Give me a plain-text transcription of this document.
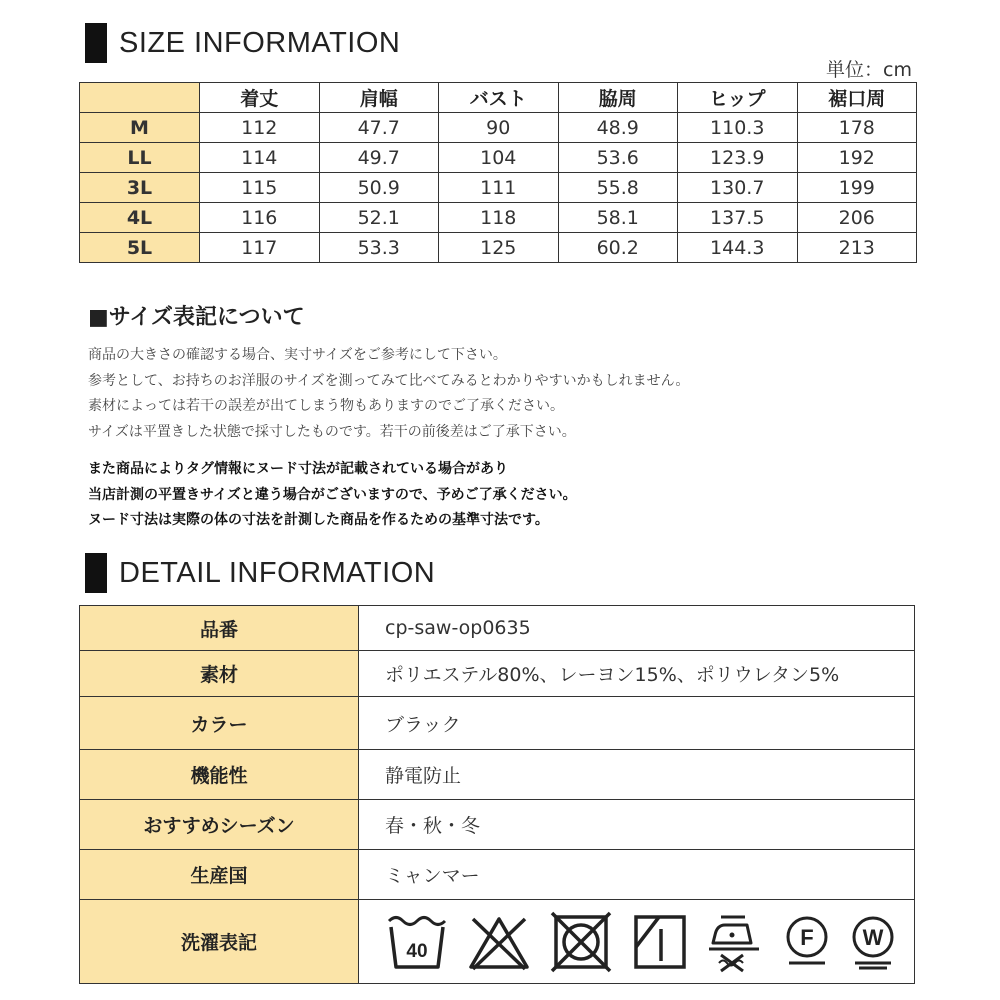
SIZE INFORMATION
単位：cm
	着丈	肩幅	バスト	脇周	ヒップ	裾口周
M	112	47.7	90	48.9	110.3	178
LL	114	49.7	104	53.6	123.9	192
3L	115	50.9	111	55.8	130.7	199
4L	116	52.1	118	58.1	137.5	206
5L	117	53.3	125	60.2	144.3	213
■サイズ表記について
商品の大きさの確認する場合、実寸サイズをご参考にして下さい。
参考として、お持ちのお洋服のサイズを測ってみて比べてみるとわかりやすいかもしれません。
素材によっては若干の誤差が出てしまう物もありますのでご了承ください。
サイズは平置きした状態で採寸したものです。若干の前後差はご了承下さい。
また商品によりタグ情報にヌード寸法が記載されている場合があり
当店計測の平置きサイズと違う場合がございますので、予めご了承ください。
ヌード寸法は実際の体の寸法を計測した商品を作るための基準寸法です。
DETAIL INFORMATION
品番	cp-saw-op0635
素材	ポリエステル80%、レーヨン15%、ポリウレタン5%
カラー	ブラック
機能性	静電防止
おすすめシーズン	春・秋・冬
生産国	ミャンマー
洗濯表記	40
F W
